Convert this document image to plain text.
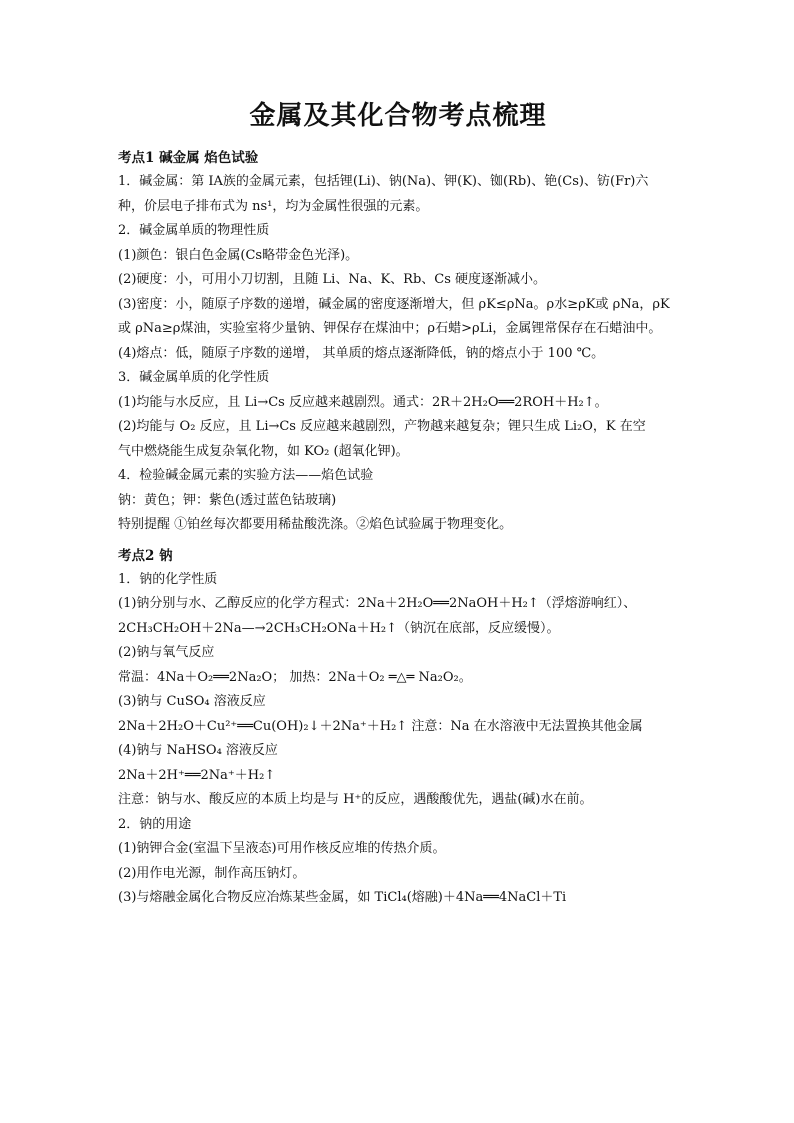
金属及其化合物考点梳理

考点1 碱金属 焰色试验

1．碱金属：第 ⅠA族的金属元素，包括锂(Li)、钠(Na)、钾(K)、铷(Rb)、铯(Cs)、钫(Fr)六

种，价层电子排布式为 ns¹，均为金属性很强的元素。

2．碱金属单质的物理性质

(1)颜色：银白色金属(Cs略带金色光泽)。

(2)硬度：小，可用小刀切割，且随 Li、Na、K、Rb、Cs 硬度逐渐减小。

(3)密度：小，随原子序数的递增，碱金属的密度逐渐增大，但 ρK≤ρNa。ρ水≥ρK或 ρNa，ρK

或 ρNa≥ρ煤油，实验室将少量钠、钾保存在煤油中；ρ石蜡>ρLi，金属锂常保存在石蜡油中。

(4)熔点：低，随原子序数的递增， 其单质的熔点逐渐降低，钠的熔点小于 100 ℃。

3．碱金属单质的化学性质

(1)均能与水反应，且 Li→Cs 反应越来越剧烈。通式：2R＋2H₂O══2ROH＋H₂↑。

(2)均能与 O₂ 反应，且 Li→Cs 反应越来越剧烈，产物越来越复杂；锂只生成 Li₂O，K 在空

气中燃烧能生成复杂氧化物，如 KO₂ (超氧化钾)。

4．检验碱金属元素的实验方法——焰色试验

钠：黄色；钾：紫色(透过蓝色钴玻璃)

特别提醒 ①铂丝每次都要用稀盐酸洗涤。②焰色试验属于物理变化。

考点2 钠

1．钠的化学性质

(1)钠分别与水、乙醇反应的化学方程式：2Na＋2H₂O══2NaOH＋H₂↑（浮熔游响红）、

2CH₃CH₂OH＋2Na—→2CH₃CH₂ONa＋H₂↑（钠沉在底部，反应缓慢）。

(2)钠与氧气反应

常温：4Na＋O₂══2Na₂O； 加热：2Na＋O₂ ═△═ Na₂O₂。

(3)钠与 CuSO₄ 溶液反应

2Na＋2H₂O＋Cu²⁺══Cu(OH)₂↓＋2Na⁺＋H₂↑ 注意：Na 在水溶液中无法置换其他金属

(4)钠与 NaHSO₄ 溶液反应

2Na＋2H⁺══2Na⁺＋H₂↑

注意：钠与水、酸反应的本质上均是与 H⁺的反应，遇酸酸优先，遇盐(碱)水在前。

2．钠的用途

(1)钠钾合金(室温下呈液态)可用作核反应堆的传热介质。

(2)用作电光源，制作高压钠灯。

(3)与熔融金属化合物反应冶炼某些金属，如 TiCl₄(熔融)＋4Na══4NaCl＋Ti
